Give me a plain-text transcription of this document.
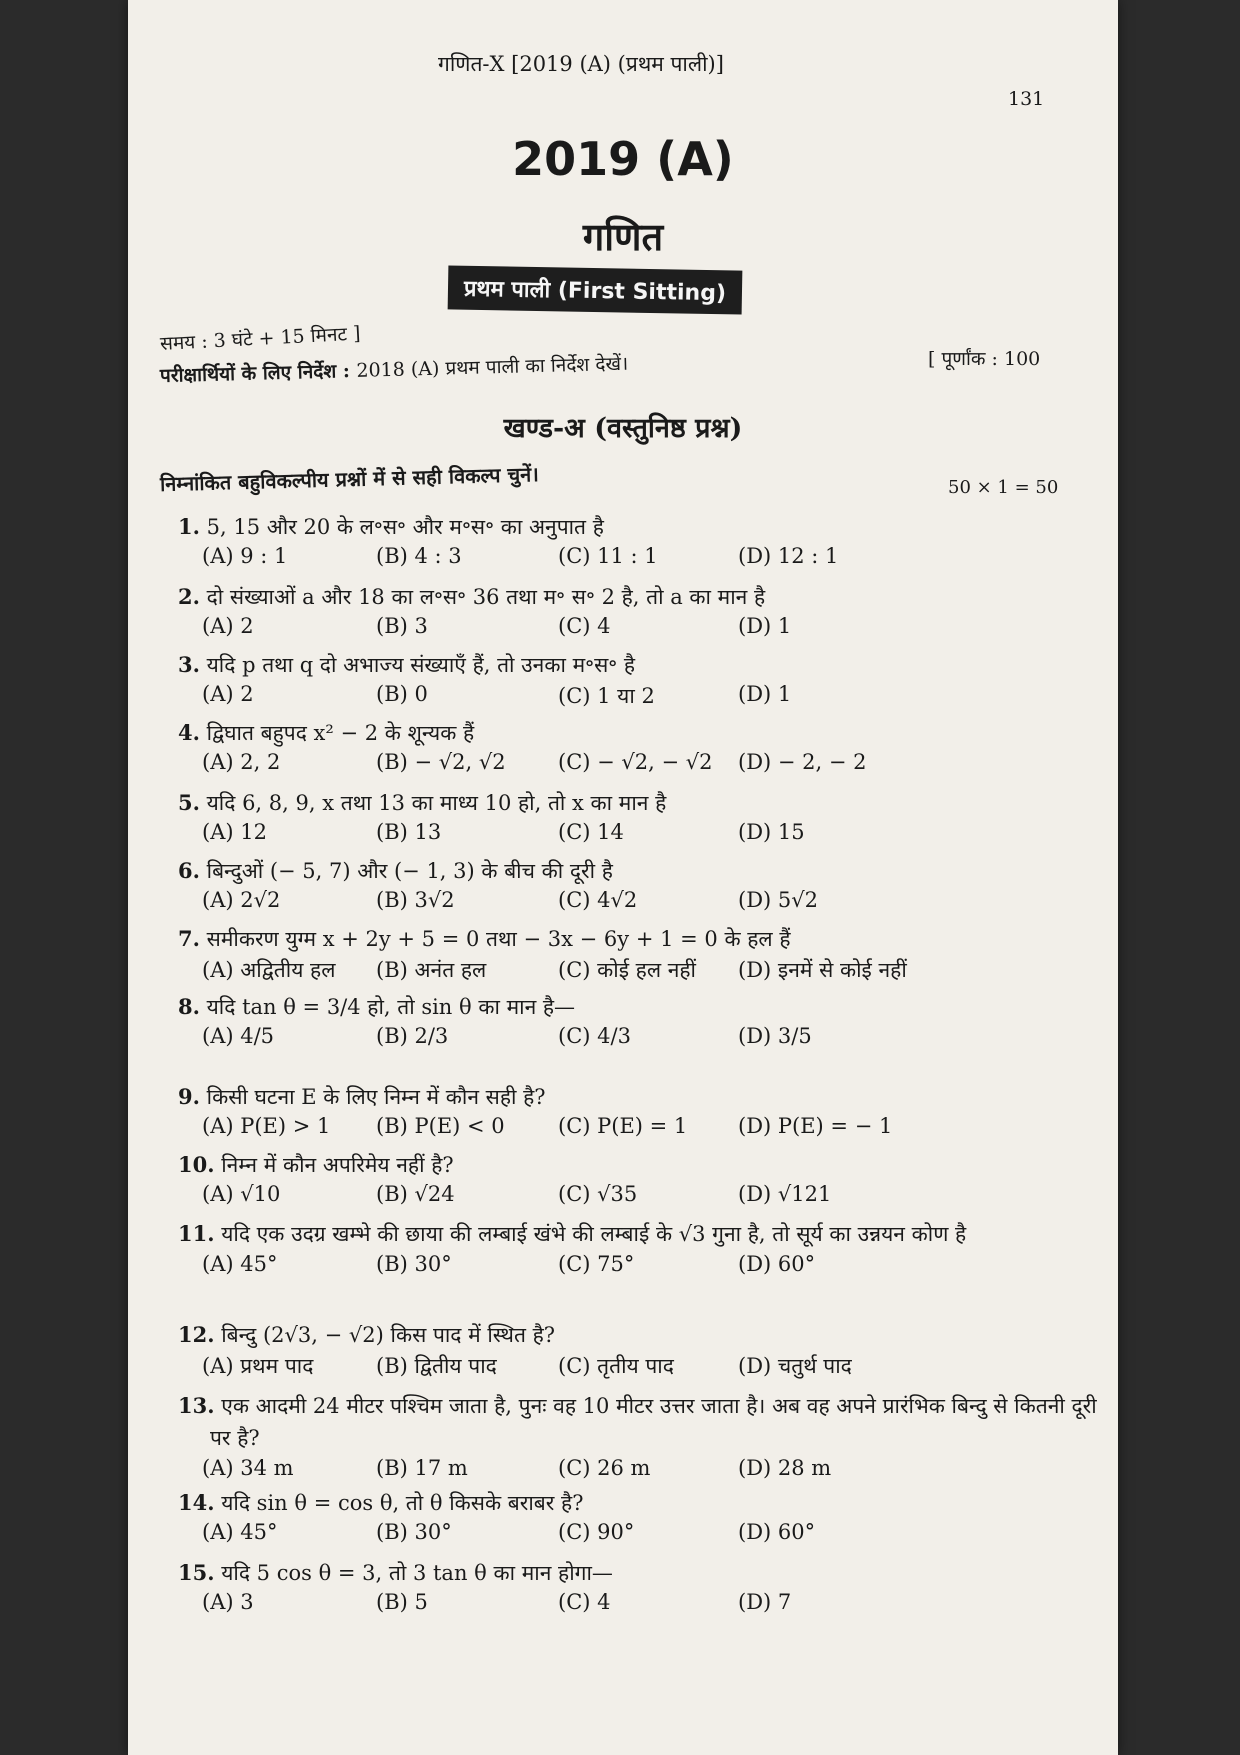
गणित-X [2019 (A) (प्रथम पाली)]
131
2019 (A)
गणित
प्रथम पाली (First Sitting)
समय : 3 घंटे + 15 मिनट ]
[ पूर्णांक : 100
परीक्षार्थियों के लिए निर्देश : 2018 (A) प्रथम पाली का निर्देश देखें।
खण्ड-अ (वस्तुनिष्ठ प्रश्न)
निम्नांकित बहुविकल्पीय प्रश्नों में से सही विकल्प चुनें।	50 × 1 = 50
1. 5, 15 और 20 के ल॰स॰ और म॰स॰ का अनुपात है
(A) 9 : 1	(B) 4 : 3	(C) 11 : 1	(D) 12 : 1
2. दो संख्याओं a और 18 का ल॰स॰ 36 तथा म॰ स॰ 2 है, तो a का मान है
(A) 2	(B) 3	(C) 4	(D) 1
3. यदि p तथा q दो अभाज्य संख्याएँ हैं, तो उनका म॰स॰ है
(A) 2	(B) 0	(C) 1 या 2	(D) 1
4. द्विघात बहुपद x² − 2 के शून्यक हैं
(A) 2, 2	(B) − √2, √2 (C) − √2, − √2 (D) − 2, − 2
5. यदि 6, 8, 9, x तथा 13 का माध्य 10 हो, तो x का मान है
(A) 12	(B) 13	(C) 14	(D) 15
6. बिन्दुओं (− 5, 7) और (− 1, 3) के बीच की दूरी है
(A) 2√2	(B) 3√2	(C) 4√2	(D) 5√2
7. समीकरण युग्म x + 2y + 5 = 0 तथा − 3x − 6y + 1 = 0 के हल हैं
(A) अद्वितीय हल (B) अनंत हल	(C) कोई हल नहीं (D) इनमें से कोई नहीं
8. यदि tan θ = 3/4 हो, तो sin θ का मान है—
(A) 4/5	(B) 2/3	(C) 4/3	(D) 3/5
9. किसी घटना E के लिए निम्न में कौन सही है?
(A) P(E) > 1 (B) P(E) < 0	(C) P(E) = 1 (D) P(E) = − 1
10. निम्न में कौन अपरिमेय नहीं है?
(A) √10	(B) √24	(C) √35	(D) √121
11. यदि एक उदग्र खम्भे की छाया की लम्बाई खंभे की लम्बाई के √3 गुना है, तो सूर्य का उन्नयन कोण है
(A) 45°	(B) 30°	(C) 75°	(D) 60°
12. बिन्दु (2√3, − √2) किस पाद में स्थित है?
(A) प्रथम पाद	(B) द्वितीय पाद	(C) तृतीय पाद	(D) चतुर्थ पाद
13. एक आदमी 24 मीटर पश्चिम जाता है, पुनः वह 10 मीटर उत्तर जाता है। अब वह अपने प्रारंभिक बिन्दु से कितनी दूरी पर है?
(A) 34 m	(B) 17 m	(C) 26 m	(D) 28 m
14. यदि sin θ = cos θ, तो θ किसके बराबर है?
(A) 45°	(B) 30°	(C) 90°	(D) 60°
15. यदि 5 cos θ = 3, तो 3 tan θ का मान होगा—
(A) 3	(B) 5	(C) 4	(D) 7
